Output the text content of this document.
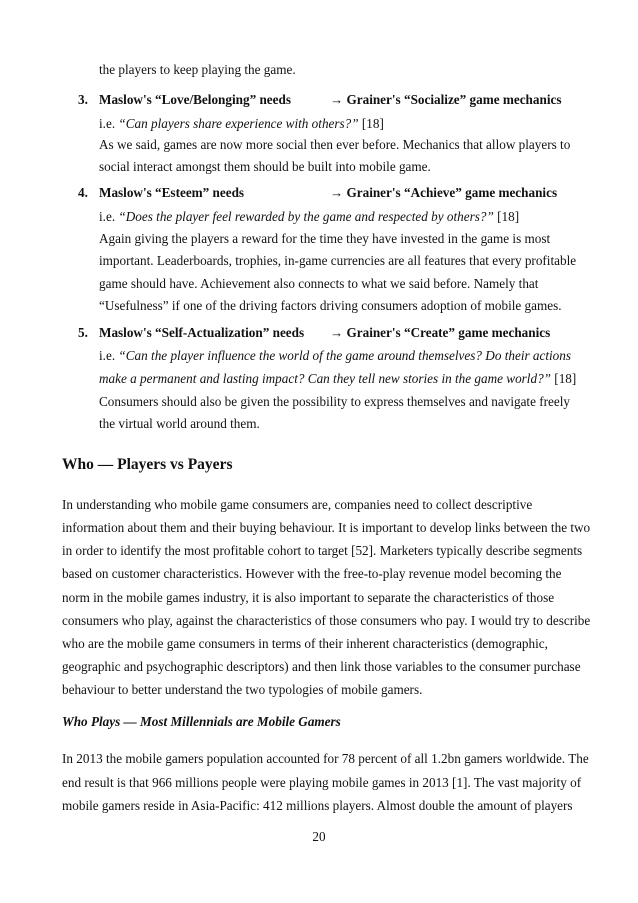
the players to keep playing the game.
3. Maslow's “Love/Belonging” needs	→ Grainer's “Socialize” game mechanics
i.e. “Can players share experience with others?” [18]
As we said, games are now more social then ever before. Mechanics that allow players to
social interact amongst them should be built into mobile game.
4. Maslow's “Esteem” needs	→ Grainer's “Achieve” game mechanics
i.e. “Does the player feel rewarded by the game and respected by others?” [18]
Again giving the players a reward for the time they have invested in the game is most
important. Leaderboards, trophies, in-game currencies are all features that every profitable
game should have. Achievement also connects to what we said before. Namely that
“Usefulness” if one of the driving factors driving consumers adoption of mobile games.
5. Maslow's “Self-Actualization” needs → Grainer's “Create” game mechanics
i.e. “Can the player influence the world of the game around themselves? Do their actions
make a permanent and lasting impact? Can they tell new stories in the game world?” [18]
Consumers should also be given the possibility to express themselves and navigate freely
the virtual world around them.
Who — Players vs Payers
In understanding who mobile game consumers are, companies need to collect descriptive
information about them and their buying behaviour. It is important to develop links between the two
in order to identify the most profitable cohort to target [52]. Marketers typically describe segments
based on customer characteristics. However with the free-to-play revenue model becoming the
norm in the mobile games industry, it is also important to separate the characteristics of those
consumers who play, against the characteristics of those consumers who pay. I would try to describe
who are the mobile game consumers in terms of their inherent characteristics (demographic,
geographic and psychographic descriptors) and then link those variables to the consumer purchase
behaviour to better understand the two typologies of mobile gamers.
Who Plays — Most Millennials are Mobile Gamers
In 2013 the mobile gamers population accounted for 78 percent of all 1.2bn gamers worldwide. The
end result is that 966 millions people were playing mobile games in 2013 [1]. The vast majority of
mobile gamers reside in Asia-Pacific: 412 millions players. Almost double the amount of players
20
